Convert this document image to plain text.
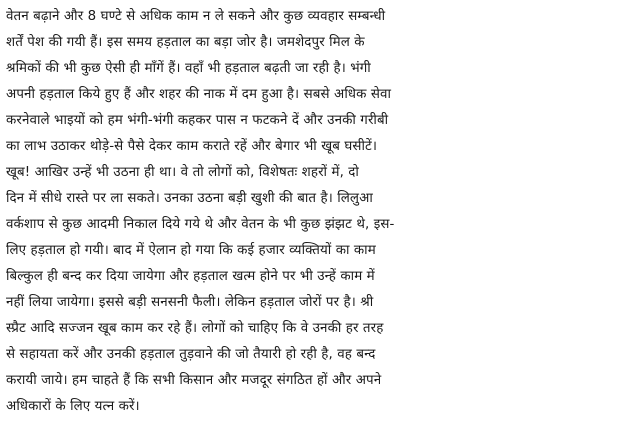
वेतन बढ़ाने और 8 घण्टे से अधिक काम न ले सकने और कुछ व्यवहार सम्बन्धी
शर्तें पेश की गयी हैं। इस समय हड़ताल का बड़ा जोर है। जमशेदपुर मिल के
श्रमिकों की भी कुछ ऐसी ही माँगें हैं। वहाँ भी हड़ताल बढ़ती जा रही है। भंगी
अपनी हड़ताल किये हुए हैं और शहर की नाक में दम हुआ है। सबसे अधिक सेवा
करनेवाले भाइयों को हम भंगी-भंगी कहकर पास न फटकने दें और उनकी गरीबी
का लाभ उठाकर थोड़े-से पैसे देकर काम कराते रहें और बेगार भी खूब घसीटें।
खूब! आखिर उन्हें भी उठना ही था। वे तो लोगों को, विशेषतः शहरों में, दो
दिन में सीधे रास्ते पर ला सकते। उनका उठना बड़ी खुशी की बात है। लिलुआ
वर्कशाप से कुछ आदमी निकाल दिये गये थे और वेतन के भी कुछ झंझट थे, इस-
लिए हड़ताल हो गयी। बाद में ऐलान हो गया कि कई हजार व्यक्तियों का काम
बिल्कुल ही बन्द कर दिया जायेगा और हड़ताल खत्म होने पर भी उन्हें काम में
नहीं लिया जायेगा। इससे बड़ी सनसनी फैली। लेकिन हड़ताल जोरों पर है। श्री
स्प्रैट आदि सज्जन खूब काम कर रहे हैं। लोगों को चाहिए कि वे उनकी हर तरह
से सहायता करें और उनकी हड़ताल तुड़वाने की जो तैयारी हो रही है, वह बन्द
करायी जाये। हम चाहते हैं कि सभी किसान और मजदूर संगठित हों और अपने
अधिकारों के लिए यत्न करें।
